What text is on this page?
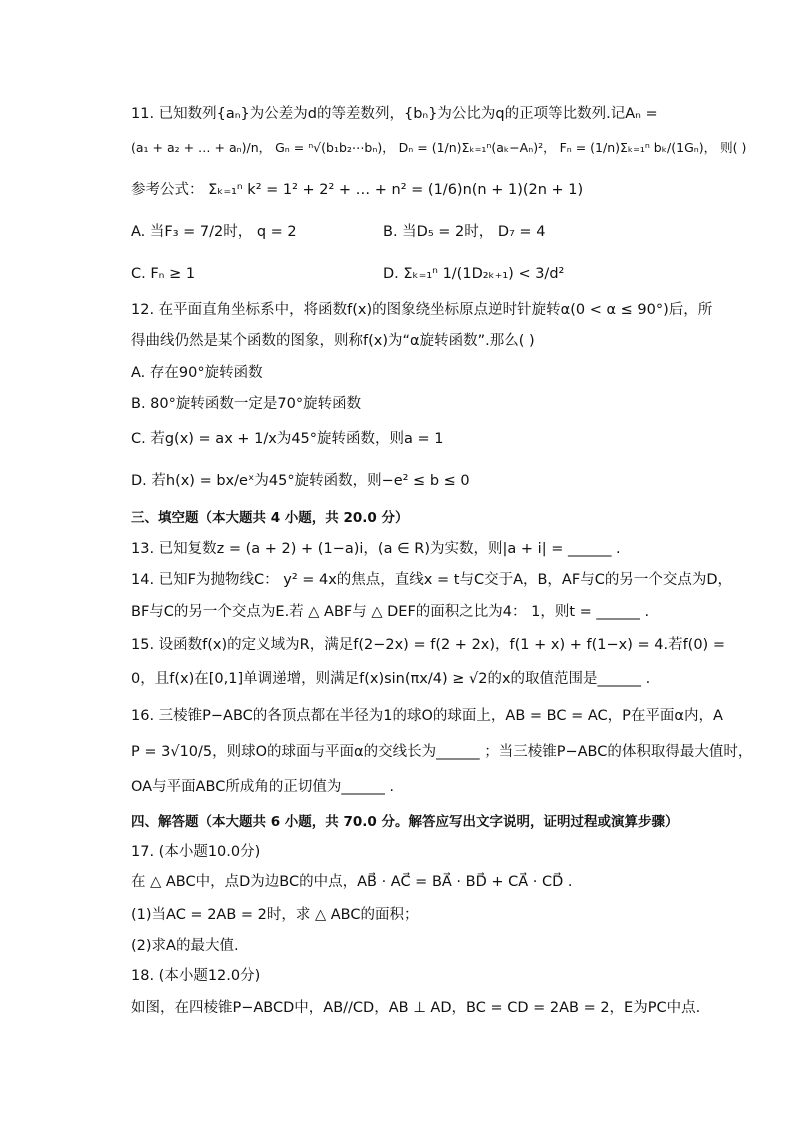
11. 已知数列{aₙ}为公差为d的等差数列，{bₙ}为公比为q的正项等比数列.记Aₙ =
(a₁ + a₂ + … + aₙ)/n， Gₙ = ⁿ√(b₁b₂⋯bₙ)， Dₙ = (1/n)Σₖ₌₁ⁿ(aₖ−Aₙ)²， Fₙ = (1/n)Σₖ₌₁ⁿ bₖ/(1Gₙ)， 则( )
参考公式： Σₖ₌₁ⁿ k² = 1² + 2² + … + n² = (1/6)n(n + 1)(2n + 1)
A. 当F₃ = 7/2时， q = 2	B. 当D₅ = 2时， D₇ = 4
C. Fₙ ≥ 1	D. Σₖ₌₁ⁿ 1/(1D₂ₖ₊₁) < 3/d²
12. 在平面直角坐标系中，将函数f(x)的图象绕坐标原点逆时针旋转α(0 < α ≤ 90°)后，所
得曲线仍然是某个函数的图象，则称f(x)为“α旋转函数”.那么( )
A. 存在90°旋转函数
B. 80°旋转函数一定是70°旋转函数
C. 若g(x) = ax + 1/x为45°旋转函数，则a = 1
D. 若h(x) = bx/eˣ为45°旋转函数，则−e² ≤ b ≤ 0
三、填空题（本大题共 4 小题，共 20.0 分）
13. 已知复数z = (a + 2) + (1−a)i，(a ∈ R)为实数，则|a + i| = ______ .
14. 已知F为抛物线C： y² = 4x的焦点，直线x = t与C交于A，B，AF与C的另一个交点为D，
BF与C的另一个交点为E.若 △ ABF与 △ DEF的面积之比为4： 1，则t = ______ .
15. 设函数f(x)的定义域为R，满足f(2−2x) = f(2 + 2x)，f(1 + x) + f(1−x) = 4.若f(0) =
0，且f(x)在[0,1]单调递增，则满足f(x)sin(πx/4) ≥ √2的x的取值范围是______ .
16. 三棱锥P−ABC的各顶点都在半径为1的球O的球面上，AB = BC = AC，P在平面α内，A
P = 3√10/5，则球O的球面与平面α的交线长为______ ；当三棱锥P−ABC的体积取得最大值时，
OA与平面ABC所成角的正切值为______ .
四、解答题（本大题共 6 小题，共 70.0 分。解答应写出文字说明，证明过程或演算步骤）
17. (本小题10.0分)
在 △ ABC中，点D为边BC的中点，AB⃗ · AC⃗ = BA⃗ · BD⃗ + CA⃗ · CD⃗ .
(1)当AC = 2AB = 2时，求 △ ABC的面积；
(2)求A的最大值.
18. (本小题12.0分)
如图，在四棱锥P−ABCD中，AB//CD，AB ⊥ AD，BC = CD = 2AB = 2，E为PC中点.
